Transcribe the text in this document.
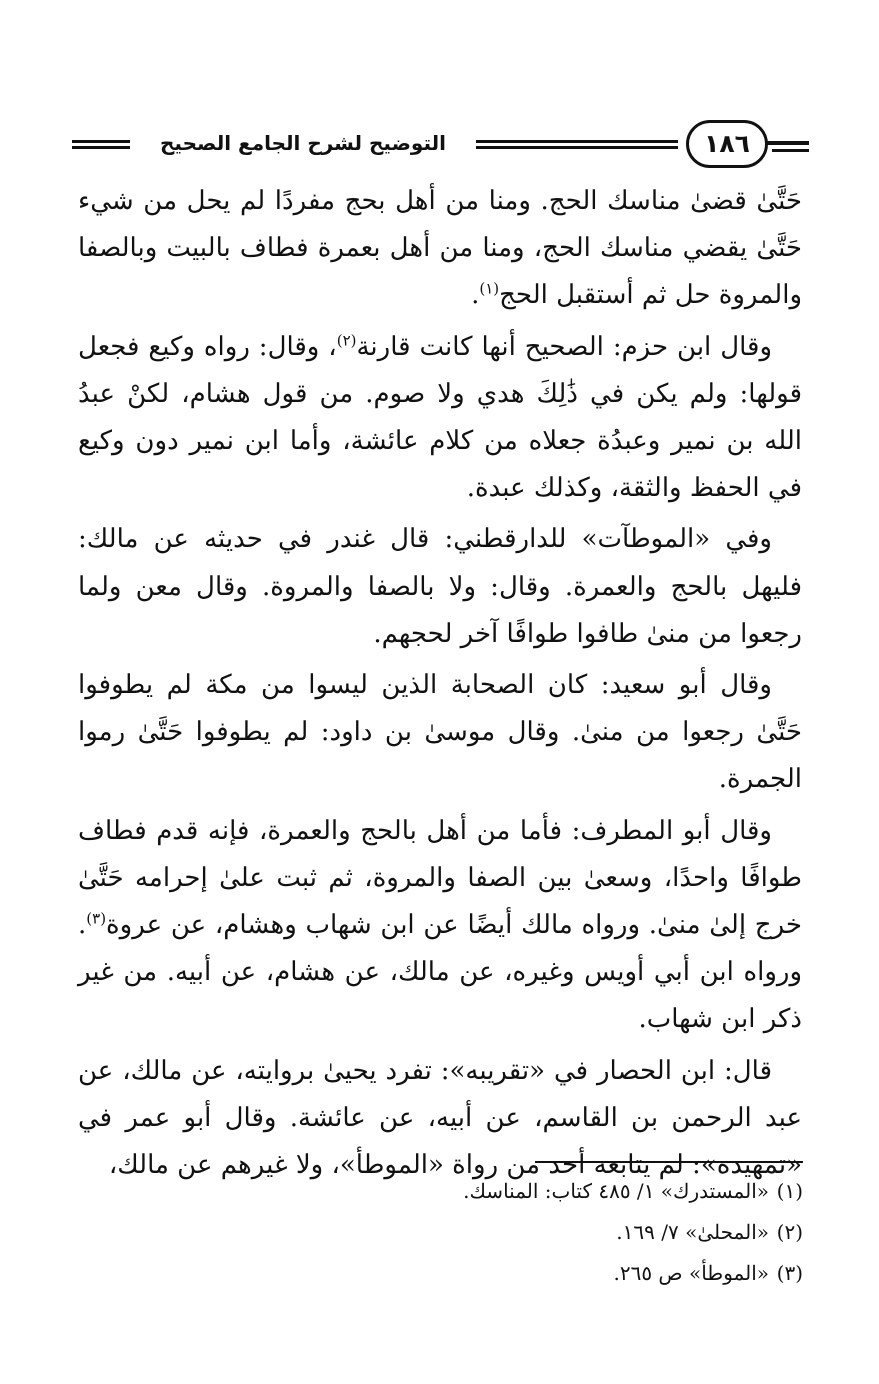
التوضيح لشرح الجامع الصحيح	١٨٦

حَتَّىٰ قضىٰ مناسك الحج. ومنا من أهل بحج مفردًا لم يحل من شيء حَتَّىٰ يقضي مناسك الحج، ومنا من أهل بعمرة فطاف بالبيت وبالصفا والمروة حل ثم أستقبل الحج$^{(١)}$.

وقال ابن حزم: الصحيح أنها كانت قارنة$^{(٢)}$، وقال: رواه وكيع فجعل قولها: ولم يكن في ذَٰلِكَ هدي ولا صوم. من قول هشام، لكنْ عبدُ الله بن نمير وعبدُة جعلاه من كلام عائشة، وأما ابن نمير دون وكيع في الحفظ والثقة، وكذلك عبدة.

وفي «الموطآت» للدارقطني: قال غندر في حديثه عن مالك: فليهل بالحج والعمرة. وقال: ولا بالصفا والمروة. وقال معن ولما رجعوا من منىٰ طافوا طوافًا آخر لحجهم.

وقال أبو سعيد: كان الصحابة الذين ليسوا من مكة لم يطوفوا حَتَّىٰ رجعوا من منىٰ. وقال موسىٰ بن داود: لم يطوفوا حَتَّىٰ رموا الجمرة.

وقال أبو المطرف: فأما من أهل بالحج والعمرة، فإنه قدم فطاف طوافًا واحدًا، وسعىٰ بين الصفا والمروة، ثم ثبت علىٰ إحرامه حَتَّىٰ خرج إلىٰ منىٰ. ورواه مالك أيضًا عن ابن شهاب وهشام، عن عروة$^{(٣)}$. ورواه ابن أبي أويس وغيره، عن مالك، عن هشام، عن أبيه. من غير ذكر ابن شهاب.

قال: ابن الحصار في «تقريبه»: تفرد يحيىٰ بروايته، عن مالك، عن عبد الرحمن بن القاسم، عن أبيه، عن عائشة. وقال أبو عمر في «تمهيده»: لم يتابعه أحد من رواة «الموطأ»، ولا غيرهم عن مالك،

(١)«المستدرك» ١/ ٤٨٥ كتاب: المناسك.
(٢)«المحلىٰ» ٧/ ١٦٩.
(٣)«الموطأ» ص ٢٦٥.
